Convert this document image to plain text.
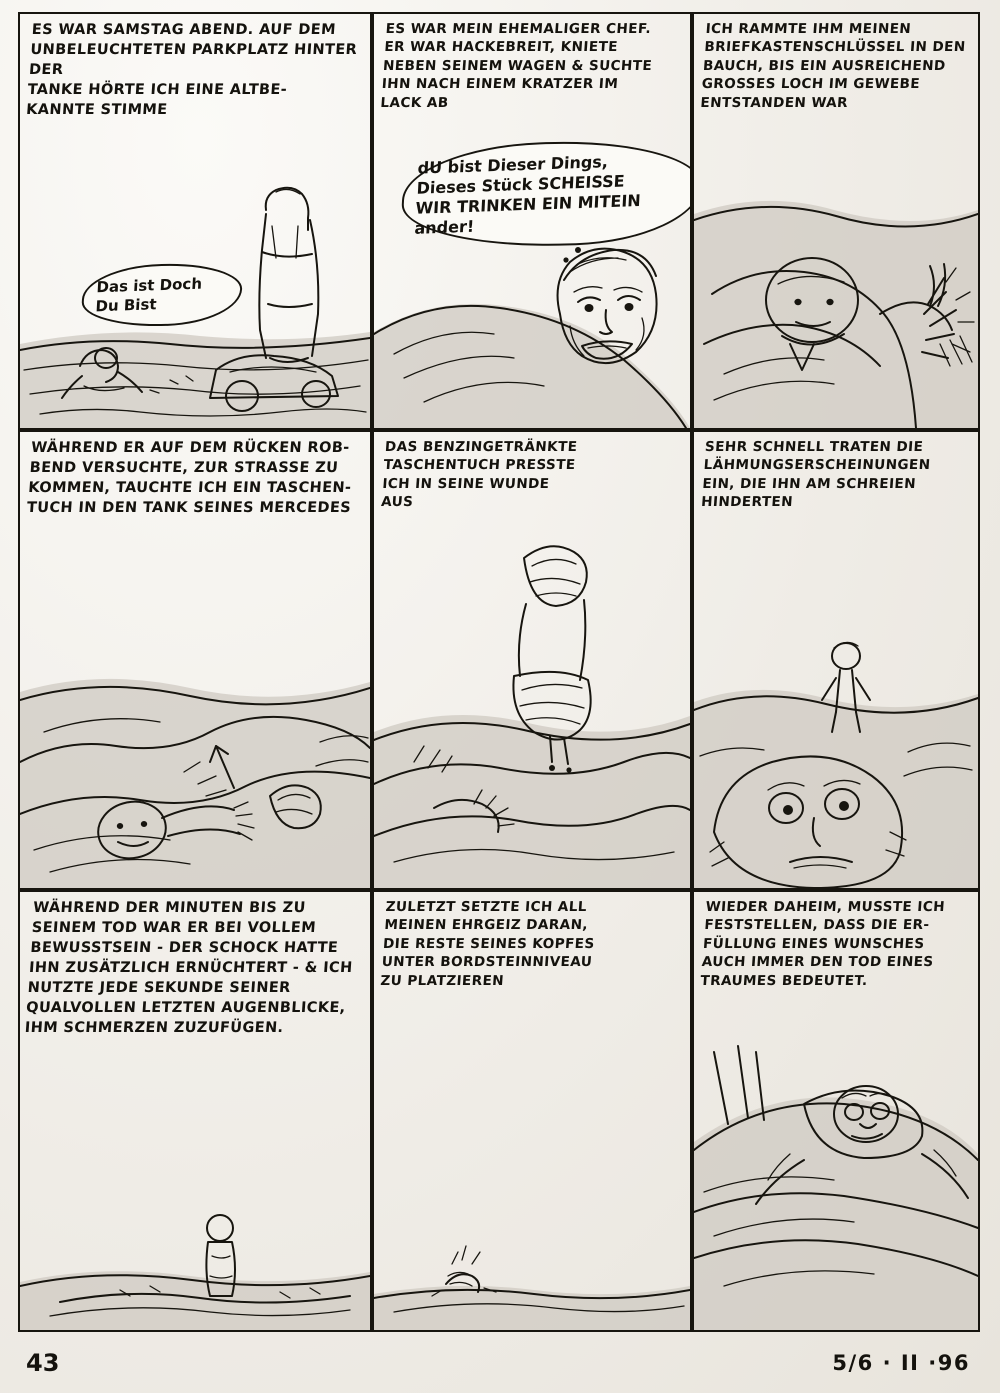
ES WAR SAMSTAG ABEND. AUF DEM
UNBELEUCHTETEN PARKPLATZ HINTER DER
TANKE HÖRTE ICH EINE ALTBE-
KANNTE STIMME
Das ist Doch
Du Bist
ES WAR MEIN EHEMALIGER CHEF.
ER WAR HACKEBREIT, KNIETE
NEBEN SEINEM WAGEN & SUCHTE
IHN NACH EINEM KRATZER IM
LACK AB
dU bist Dieser Dings,
Dieses Stück SCHEISSE
WIR TRINKEN EIN MITEIN
ander!
ICH RAMMTE IHM MEINEN
BRIEFKASTENSCHLÜSSEL IN DEN
BAUCH, BIS EIN AUSREICHEND
GROSSES LOCH IM GEWEBE
ENTSTANDEN WAR
WÄHREND ER AUF DEM RÜCKEN ROB-
BEND VERSUCHTE, ZUR STRASSE ZU
KOMMEN, TAUCHTE ICH EIN TASCHEN-
TUCH IN DEN TANK SEINES MERCEDES
DAS BENZINGETRÄNKTE
TASCHENTUCH PRESSTE
ICH IN SEINE WUNDE
AUS
SEHR SCHNELL TRATEN DIE
LÄHMUNGSERSCHEINUNGEN
EIN, DIE IHN AM SCHREIEN
HINDERTEN
WÄHREND DER MINUTEN BIS ZU
SEINEM TOD WAR ER BEI VOLLEM
BEWUSSTSEIN - DER SCHOCK HATTE
IHN ZUSÄTZLICH ERNÜCHTERT - & ICH
NUTZTE JEDE SEKUNDE SEINER
QUALVOLLEN LETZTEN AUGENBLICKE,
IHM SCHMERZEN ZUZUFÜGEN.
ZULETZT SETZTE ICH ALL
MEINEN EHRGEIZ DARAN,
DIE RESTE SEINES KOPFES
UNTER BORDSTEINNIVEAU
ZU PLATZIEREN
WIEDER DAHEIM, MUSSTE ICH
FESTSTELLEN, DASS DIE ER-
FÜLLUNG EINES WUNSCHES
AUCH IMMER DEN TOD EINES
TRAUMES BEDEUTET.
43	5/6 · II ·96
